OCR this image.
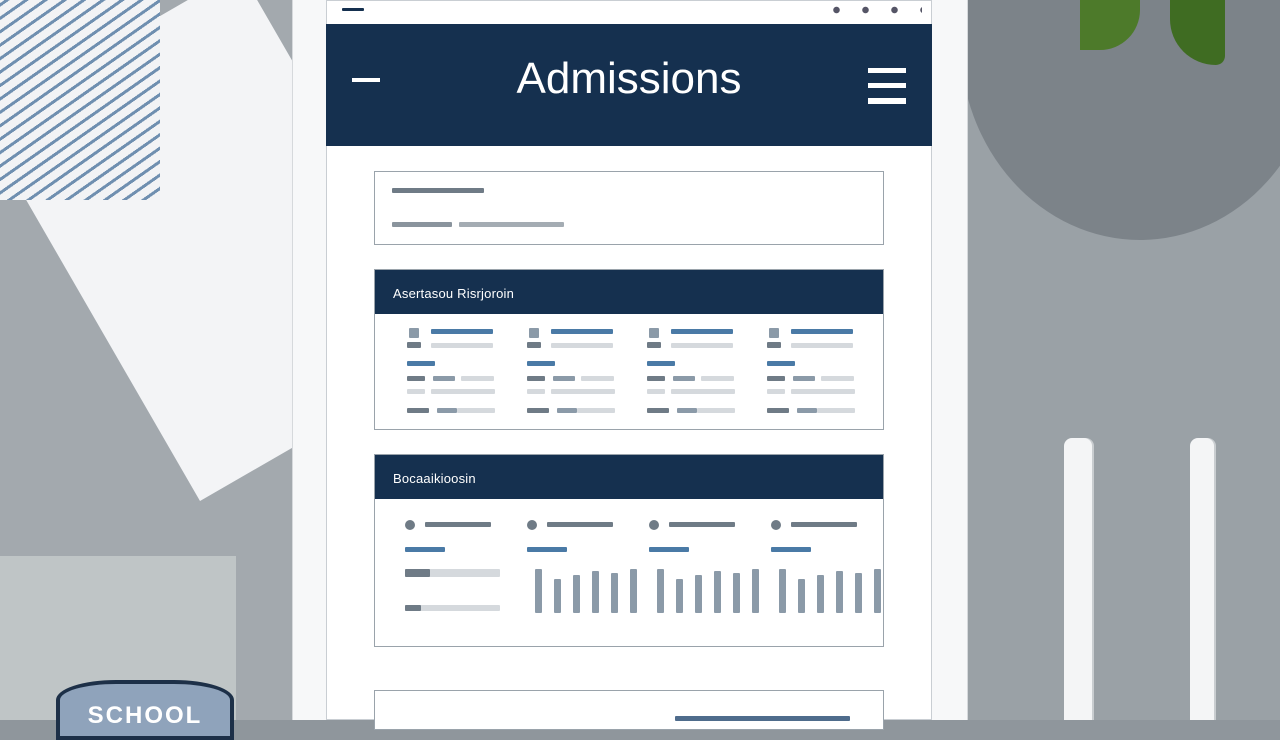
SCHOOL
Admissions
Asertasou Risrjoroin
Bocaaikioosin
